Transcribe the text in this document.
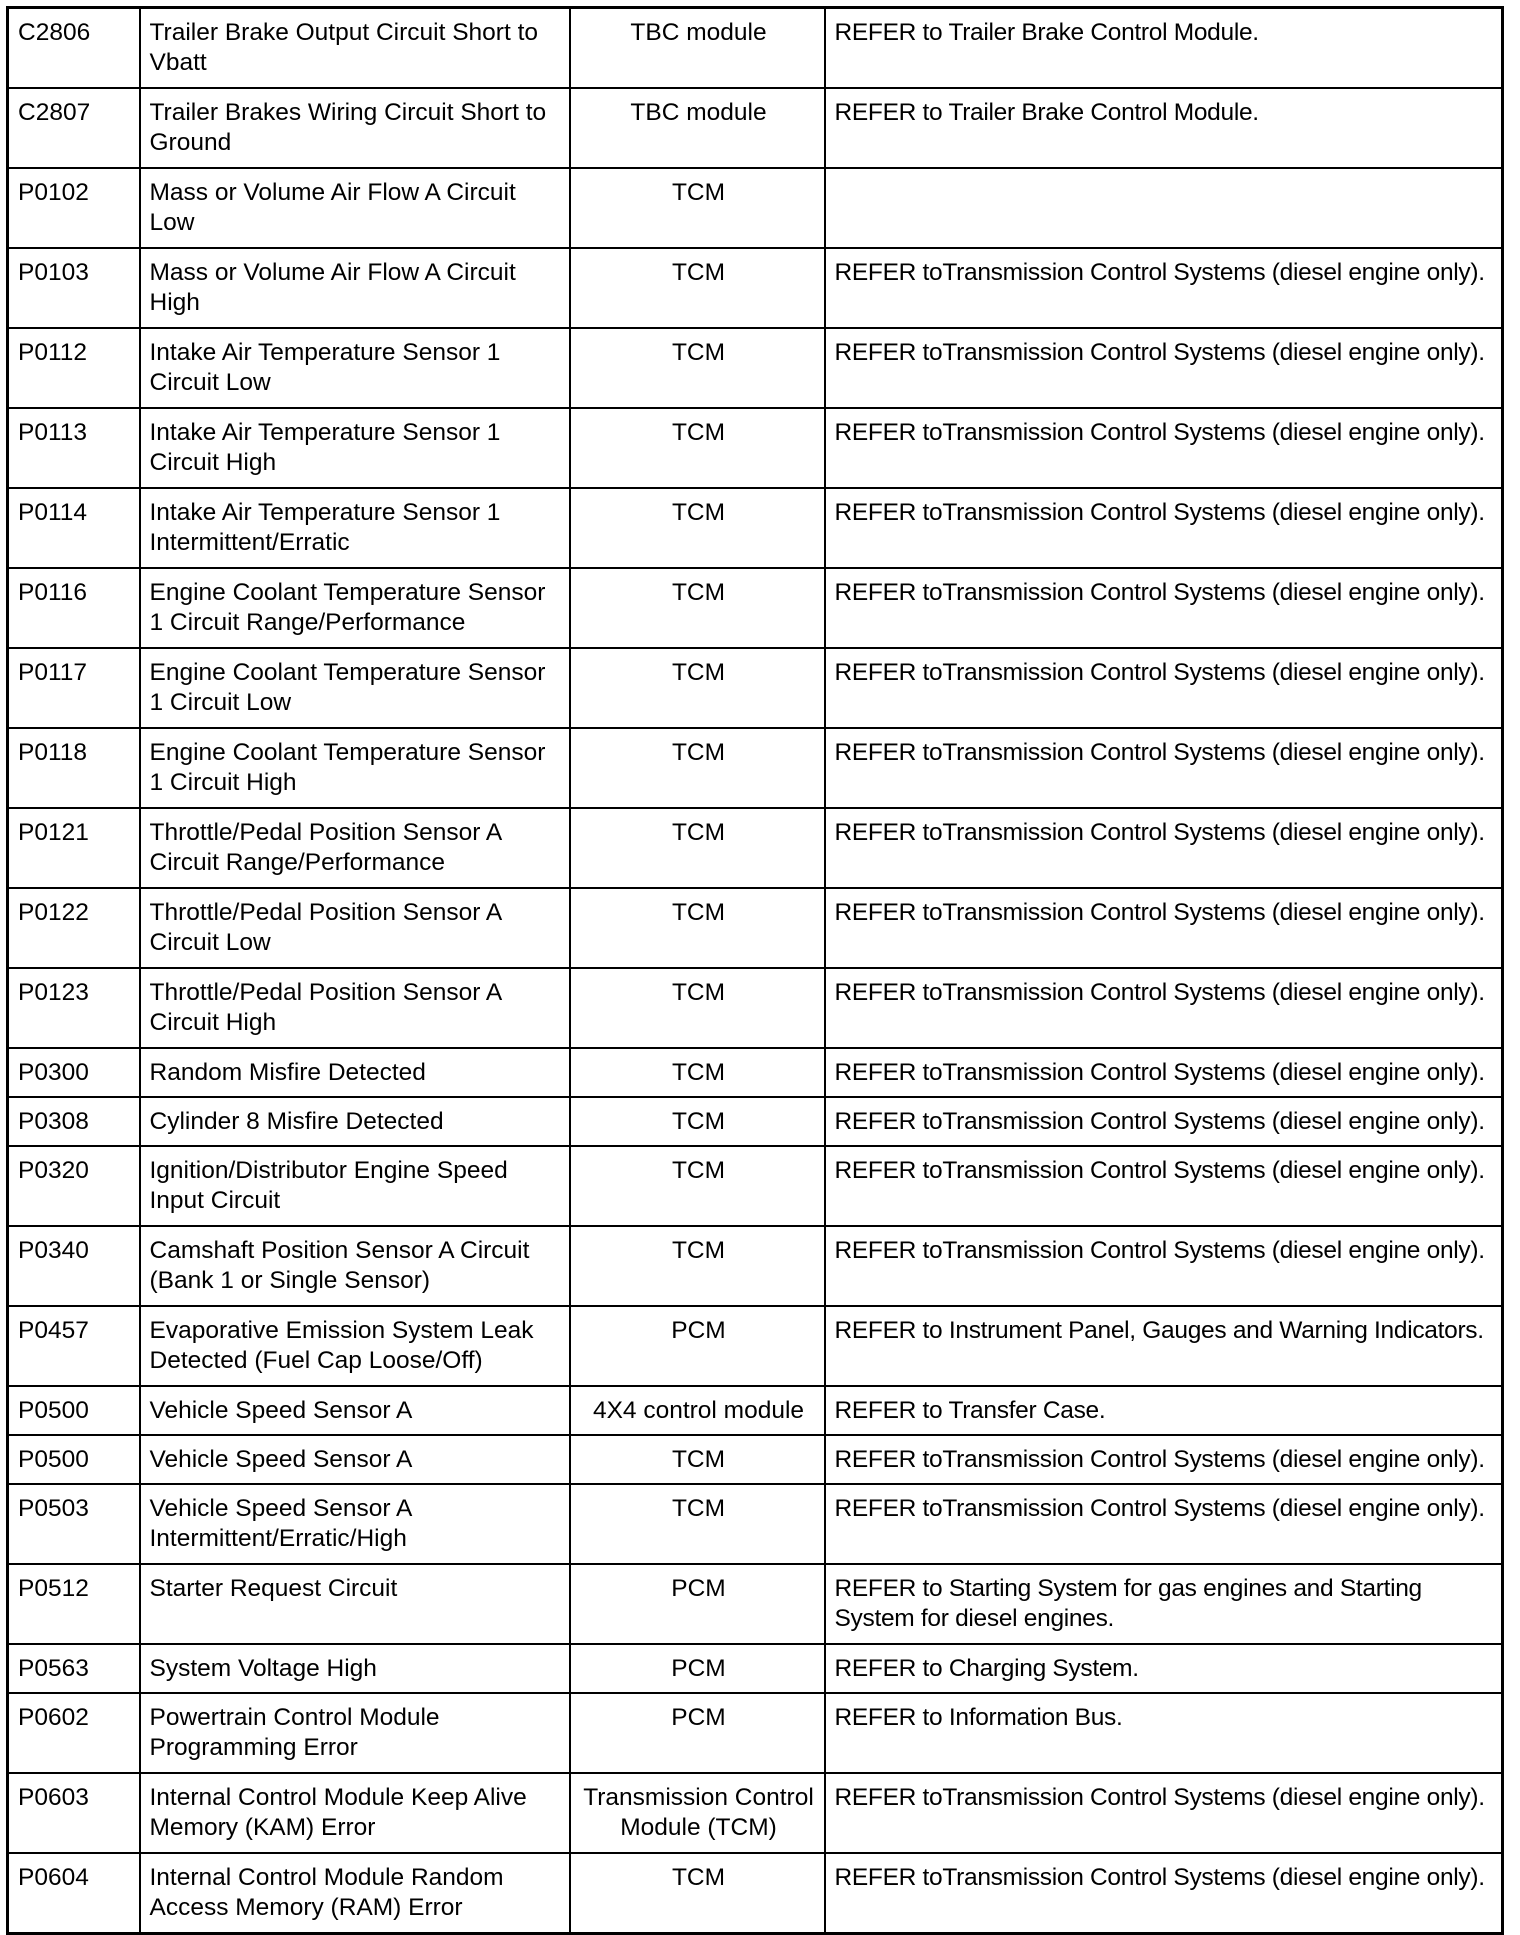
C2806	Trailer Brake Output Circuit Short to Vbatt	TBC module	REFER to Trailer Brake Control Module.
C2807	Trailer Brakes Wiring Circuit Short to Ground	TBC module	REFER to Trailer Brake Control Module.
P0102	Mass or Volume Air Flow A Circuit Low	TCM	
P0103	Mass or Volume Air Flow A Circuit High	TCM	REFER toTransmission Control Systems (diesel engine only).
P0112	Intake Air Temperature Sensor 1 Circuit Low	TCM	REFER toTransmission Control Systems (diesel engine only).
P0113	Intake Air Temperature Sensor 1 Circuit High	TCM	REFER toTransmission Control Systems (diesel engine only).
P0114	Intake Air Temperature Sensor 1 Intermittent/Erratic	TCM	REFER toTransmission Control Systems (diesel engine only).
P0116	Engine Coolant Temperature Sensor 1 Circuit Range/Performance	TCM	REFER toTransmission Control Systems (diesel engine only).
P0117	Engine Coolant Temperature Sensor 1 Circuit Low	TCM	REFER toTransmission Control Systems (diesel engine only).
P0118	Engine Coolant Temperature Sensor 1 Circuit High	TCM	REFER toTransmission Control Systems (diesel engine only).
P0121	Throttle/Pedal Position Sensor A Circuit Range/Performance	TCM	REFER toTransmission Control Systems (diesel engine only).
P0122	Throttle/Pedal Position Sensor A Circuit Low	TCM	REFER toTransmission Control Systems (diesel engine only).
P0123	Throttle/Pedal Position Sensor A Circuit High	TCM	REFER toTransmission Control Systems (diesel engine only).
P0300	Random Misfire Detected	TCM	REFER toTransmission Control Systems (diesel engine only).
P0308	Cylinder 8 Misfire Detected	TCM	REFER toTransmission Control Systems (diesel engine only).
P0320	Ignition/Distributor Engine Speed Input Circuit	TCM	REFER toTransmission Control Systems (diesel engine only).
P0340	Camshaft Position Sensor A Circuit (Bank 1 or Single Sensor)	TCM	REFER toTransmission Control Systems (diesel engine only).
P0457	Evaporative Emission System Leak Detected (Fuel Cap Loose/Off)	PCM	REFER to Instrument Panel, Gauges and Warning Indicators.
P0500	Vehicle Speed Sensor A	4X4 control module	REFER to Transfer Case.
P0500	Vehicle Speed Sensor A	TCM	REFER toTransmission Control Systems (diesel engine only).
P0503	Vehicle Speed Sensor A Intermittent/Erratic/High	TCM	REFER toTransmission Control Systems (diesel engine only).
P0512	Starter Request Circuit	PCM	REFER to Starting System for gas engines and Starting System for diesel engines.
P0563	System Voltage High	PCM	REFER to Charging System.
P0602	Powertrain Control Module Programming Error	PCM	REFER to Information Bus.
P0603	Internal Control Module Keep Alive Memory (KAM) Error	Transmission Control Module (TCM)	REFER toTransmission Control Systems (diesel engine only).
P0604	Internal Control Module Random Access Memory (RAM) Error	TCM	REFER toTransmission Control Systems (diesel engine only).
